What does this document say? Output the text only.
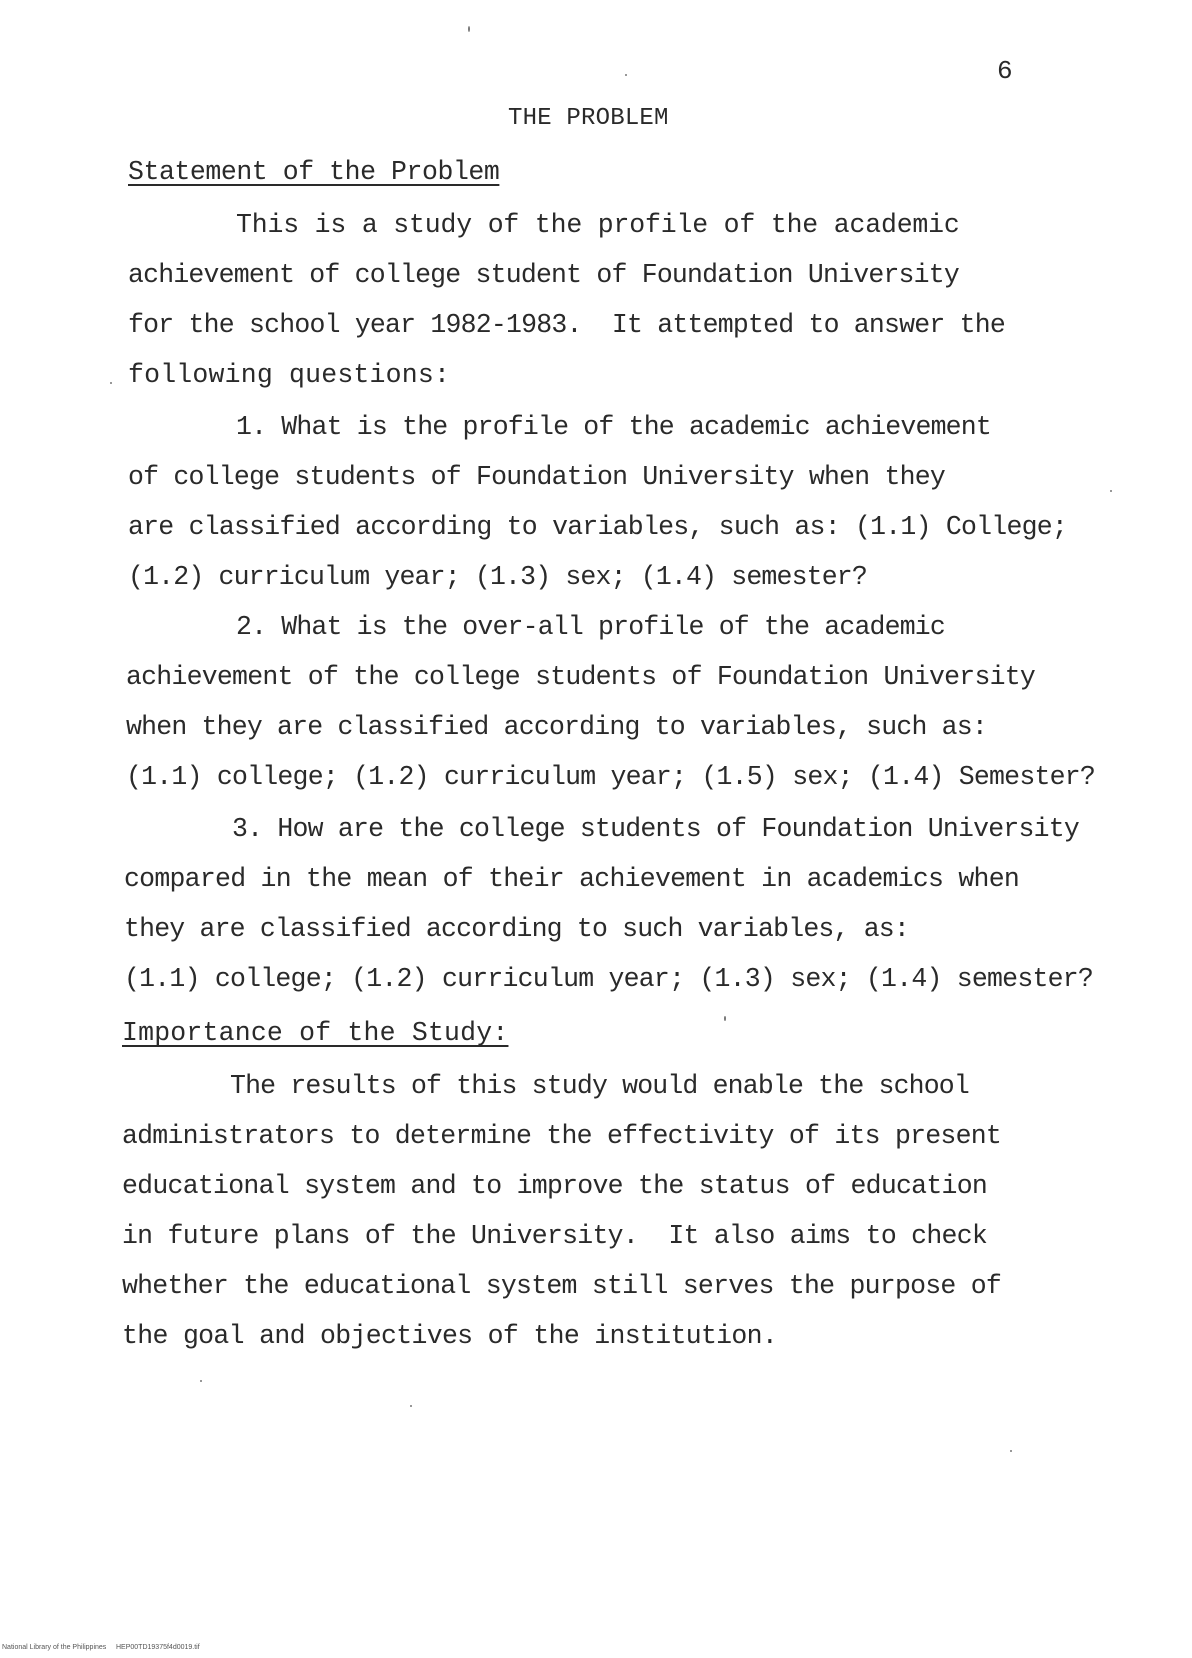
6
THE PROBLEM
Statement of the Problem
This is a study of the profile of the academic
achievement of college student of Foundation University
for the school year 1982-1983.  It attempted to answer the
following questions:
1. What is the profile of the academic achievement
of college students of Foundation University when they
are classified according to variables, such as: (1.1) College;
(1.2) curriculum year; (1.3) sex; (1.4) semester?
2. What is the over-all profile of the academic
achievement of the college students of Foundation University
when they are classified according to variables, such as:
(1.1) college; (1.2) curriculum year; (1.5) sex; (1.4) Semester?
3. How are the college students of Foundation University
compared in the mean of their achievement in academics when
they are classified according to such variables, as:
(1.1) college; (1.2) curriculum year; (1.3) sex; (1.4) semester?
Importance of the Study:
The results of this study would enable the school
administrators to determine the effectivity of its present
educational system and to improve the status of education
in future plans of the University.  It also aims to check
whether the educational system still serves the purpose of
the goal and objectives of the institution.
National Library of the Philippines     HEP00TD19375f4d0019.tif
